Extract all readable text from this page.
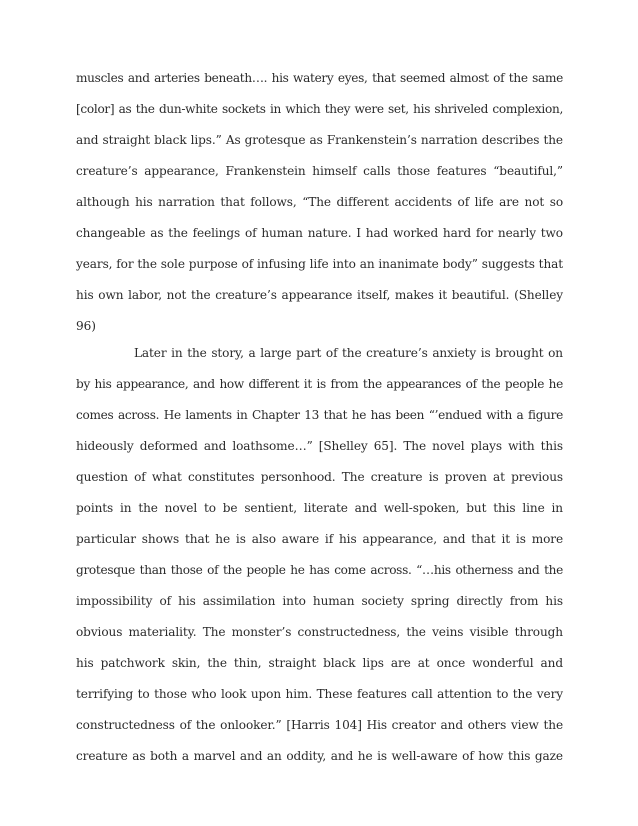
muscles and arteries beneath…. his watery eyes, that seemed almost of the same
[color] as the dun-white sockets in which they were set, his shriveled complexion,
and straight black lips.” As grotesque as Frankenstein’s narration describes the
creature’s appearance, Frankenstein himself calls those features “beautiful,”
although his narration that follows, “The different accidents of life are not so
changeable as the feelings of human nature. I had worked hard for nearly two
years, for the sole purpose of infusing life into an inanimate body” suggests that
his own labor, not the creature’s appearance itself, makes it beautiful. (Shelley
96)
Later in the story, a large part of the creature’s anxiety is brought on
by his appearance, and how different it is from the appearances of the people he
comes across. He laments in Chapter 13 that he has been “’endued with a figure
hideously deformed and loathsome…” [Shelley 65]. The novel plays with this
question of what constitutes personhood. The creature is proven at previous
points in the novel to be sentient, literate and well-spoken, but this line in
particular shows that he is also aware if his appearance, and that it is more
grotesque than those of the people he has come across. “…his otherness and the
impossibility of his assimilation into human society spring directly from his
obvious materiality. The monster’s constructedness, the veins visible through
his patchwork skin, the thin, straight black lips are at once wonderful and
terrifying to those who look upon him. These features call attention to the very
constructedness of the onlooker.” [Harris 104] His creator and others view the
creature as both a marvel and an oddity, and he is well-aware of how this gaze
